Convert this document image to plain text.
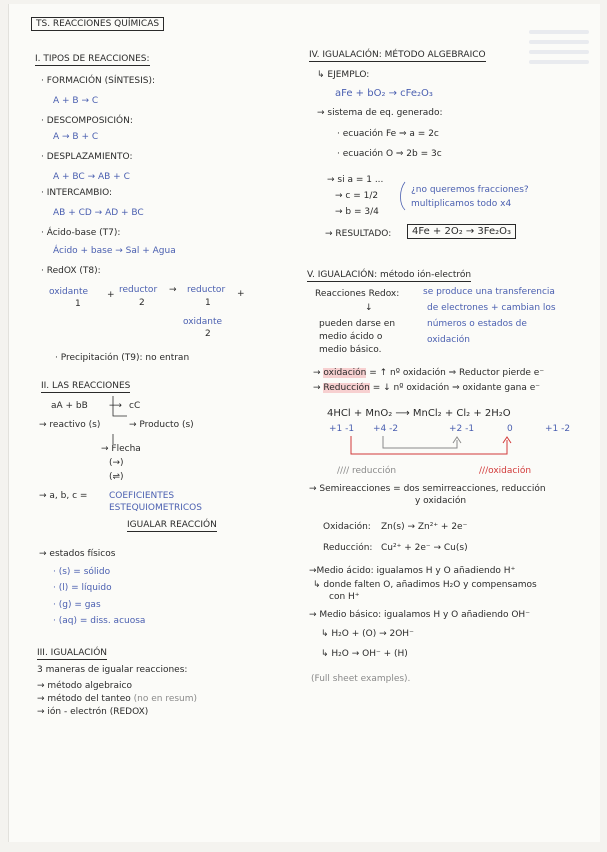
TS. REACCIONES QUÍMICAS
I. TIPOS DE REACCIONES:
· FORMACIÓN (SÍNTESIS):
A + B → C
· DESCOMPOSICIÓN:
A → B + C
· DESPLAZAMIENTO:
A + BC → AB + C
· INTERCAMBIO:
AB + CD → AD + BC
· Ácido-base (T7):
Ácido + base → Sal + Agua
· RedOX (T8):
oxidante + reductor → reductor +
1	2	1
oxidante
2
· Precipitación (T9): no entran
II. LAS REACCIONES
aA + bB ⟶ cC
→ reactivo (s)	→ Producto (s)
→ Flecha
(→)
(⇌)
→ a, b, c = COEFICIENTES
ESTEQUIOMETRICOS
IGUALAR REACCIÓN
→ estados físicos
· (s) = sólido
· (l) = líquido
· (g) = gas
· (aq) = diss. acuosa
III. IGUALACIÓN
3 maneras de igualar reacciones:
→ método algebraico
→ método del tanteo (no en resum)
→ ión - electrón (REDOX)
IV. IGUALACIÓN: MÉTODO ALGEBRAICO
↳ EJEMPLO:
aFe + bO₂ → cFe₂O₃
→ sistema de eq. generado:
· ecuación Fe ⇒ a = 2c
· ecuación O ⇒ 2b = 3c
→ si a = 1 ...
→ c = 1/2
→ b = 3/4
¿no queremos fracciones?
multiplicamos todo x4
→ RESULTADO:	4Fe + 2O₂ → 3Fe₂O₃
V. IGUALACIÓN: método ión-electrón
Reacciones Redox:	se produce una transferencia
de electrones + cambian los
números o estados de
oxidación
↓
pueden darse en
medio ácido o
medio básico.
→ oxidación = ↑ nº oxidación ⇒ Reductor pierde e⁻
→ Reducción = ↓ nº oxidación ⇒ oxidante gana e⁻
4HCl + MnO₂ ⟶ MnCl₂ + Cl₂ + 2H₂O
+1 -1 +4 -2	+2 -1	0	+1 -2
//// reducción	///oxidación
→ Semireacciones = dos semirreacciones, reducción
y oxidación
Oxidación: Zn(s) → Zn²⁺ + 2e⁻
Reducción: Cu²⁺ + 2e⁻ → Cu(s)
→Medio ácido: igualamos H y O añadiendo H⁺
↳ donde falten O, añadimos H₂O y compensamos
con H⁺
→ Medio básico: igualamos H y O añadiendo OH⁻
↳ H₂O + (O) → 2OH⁻
↳ H₂O → OH⁻ + (H)
(Full sheet examples).
